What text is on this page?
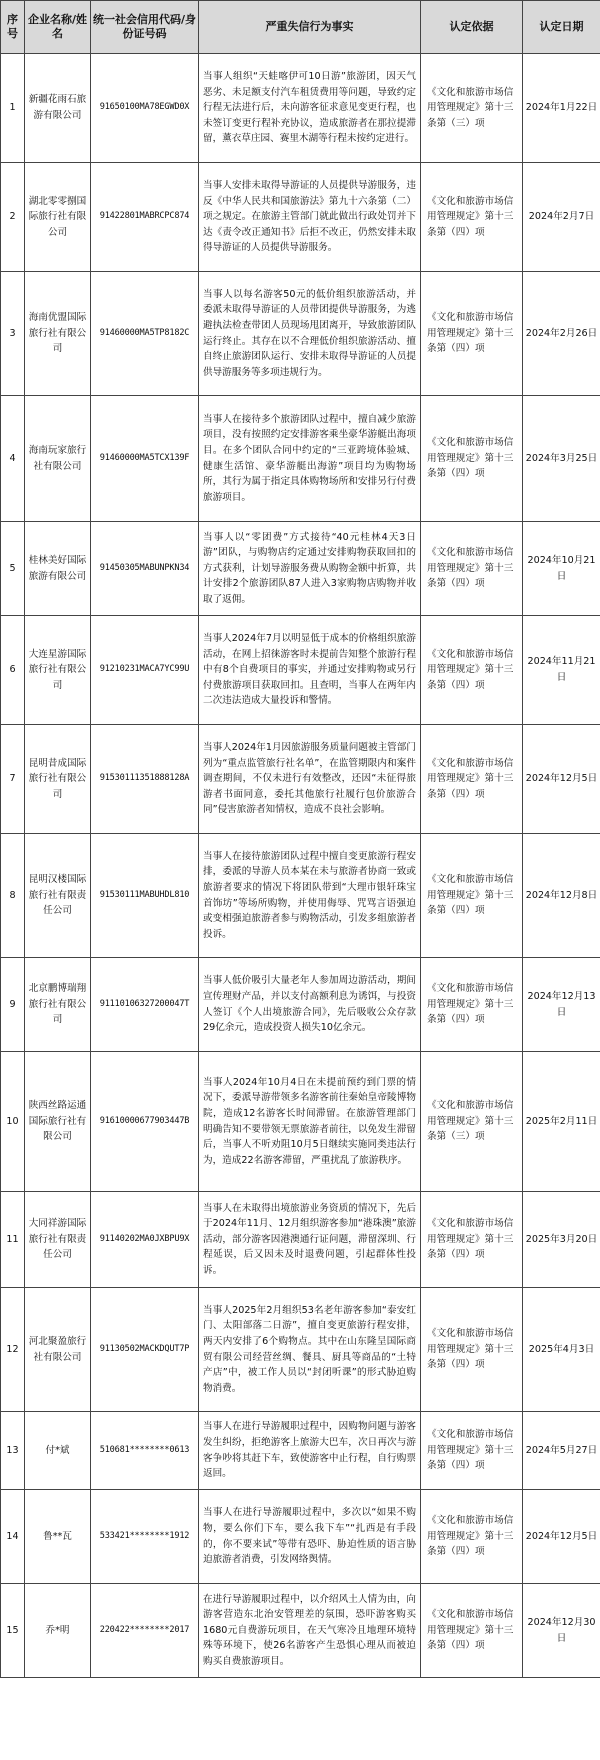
序号	企业名称/姓名	统一社会信用代码/身份证号码	严重失信行为事实	认定依据	认定日期
1	新疆花雨石旅游有限公司	91650100MA78EGWD0X	当事人组织“天蛙喀伊可10日游”旅游团，因天气恶劣、未足额支付汽车租赁费用等问题，导致约定行程无法进行后，未向游客征求意见变更行程，也未签订变更行程补充协议，造成旅游者在那拉提滞留，薰衣草庄园、赛里木湖等行程未按约定进行。	《文化和旅游市场信用管理规定》第十三条第（三）项	2024年1月22日
2	湖北零零捌国际旅行社有限公司	91422801MABRCPC874	当事人安排未取得导游证的人员提供导游服务，违反《中华人民共和国旅游法》第九十六条第（二）项之规定。在旅游主管部门就此做出行政处罚并下达《责令改正通知书》后拒不改正，仍然安排未取得导游证的人员提供导游服务。	《文化和旅游市场信用管理规定》第十三条第（四）项	2024年2月7日
3	海南优盟国际旅行社有限公司	91460000MA5TP8182C	当事人以每名游客50元的低价组织旅游活动，并委派未取得导游证的人员带团提供导游服务，为逃避执法检查带团人员现场甩团离开，导致旅游团队运行终止。其存在以不合理低价组织旅游活动、擅自终止旅游团队运行、安排未取得导游证的人员提供导游服务等多项违规行为。	《文化和旅游市场信用管理规定》第十三条第（四）项	2024年2月26日
4	海南玩家旅行社有限公司	91460000MA5TCX139F	当事人在接待多个旅游团队过程中，擅自减少旅游项目，没有按照约定安排游客乘坐豪华游艇出海项目。在多个团队合同中约定的“三亚跨境体验城、健康生活馆、豪华游艇出海游”项目均为购物场所，其行为属于指定具体购物场所和安排另行付费旅游项目。	《文化和旅游市场信用管理规定》第十三条第（四）项	2024年3月25日
5	桂林美好国际旅游有限公司	91450305MABUNPKN34	当事人以“零团费”方式接待“40元桂林4天3日游”团队，与购物店约定通过安排购物获取回扣的方式获利，计划导游服务费从购物金额中折算，共计安排2个旅游团队87人进入3家购物店购物并收取了返佣。	《文化和旅游市场信用管理规定》第十三条第（四）项	2024年10月21日
6	大连星游国际旅行社有限公司	91210231MACA7YC99U	当事人2024年7月以明显低于成本的价格组织旅游活动，在网上招徕游客时未提前告知整个旅游行程中有8个自费项目的事实，并通过安排购物或另行付费旅游项目获取回扣。且查明，当事人在两年内二次违法造成大量投诉和警情。	《文化和旅游市场信用管理规定》第十三条第（四）项	2024年11月21日
7	昆明昔成国际旅行社有限公司	91530111351888128A	当事人2024年1月因旅游服务质量问题被主管部门列为“重点监管旅行社名单”，在监管期限内和案件调查期间，不仅未进行有效整改，还因“未征得旅游者书面同意，委托其他旅行社履行包价旅游合同”侵害旅游者知情权，造成不良社会影响。	《文化和旅游市场信用管理规定》第十三条第（四）项	2024年12月5日
8	昆明汉楼国际旅行社有限责任公司	91530111MABUHDL810	当事人在接待旅游团队过程中擅自变更旅游行程安排，委派的导游人员本某在未与旅游者协商一致或旅游者要求的情况下将团队带到“大理市银轩珠宝首饰坊”等场所购物，并使用侮辱、咒骂言语强迫或变相强迫旅游者参与购物活动，引发多组旅游者投诉。	《文化和旅游市场信用管理规定》第十三条第（四）项	2024年12月8日
9	北京鹏博瑞翔旅行社有限公司	91110106327200047T	当事人低价吸引大量老年人参加周边游活动，期间宣传理财产品，并以支付高额利息为诱饵，与投资人签订《个人出境旅游合同》，先后吸收公众存款29亿余元，造成投资人损失10亿余元。	《文化和旅游市场信用管理规定》第十三条第（四）项	2024年12月13日
10	陕西丝路运通国际旅行社有限公司	91610000677903447B	当事人2024年10月4日在未提前预约到门票的情况下，委派导游带领多名游客前往秦始皇帝陵博物院，造成12名游客长时间滞留。在旅游管理部门明确告知不要带领无票旅游者前往，以免发生滞留后，当事人不听劝阻10月5日继续实施同类违法行为，造成22名游客滞留，严重扰乱了旅游秩序。	《文化和旅游市场信用管理规定》第十三条第（三）项	2025年2月11日
11	大同祥游国际旅行社有限责任公司	91140202MA0JXBPU9X	当事人在未取得出境旅游业务资质的情况下，先后于2024年11月、12月组织游客参加“港珠澳”旅游活动，部分游客因港澳通行证问题，滞留深圳、行程延误，后又因未及时退费问题，引起群体性投诉。	《文化和旅游市场信用管理规定》第十三条第（四）项	2025年3月20日
12	河北聚盈旅行社有限公司	91130502MACKDQUT7P	当事人2025年2月组织53名老年游客参加“泰安红门、太阳部落二日游”，擅自变更旅游行程安排，两天内安排了6个购物点。其中在山东隆呈国际商贸有限公司经营丝绸、餐具、厨具等商品的“土特产店”中，被工作人员以“封闭听课”的形式胁迫购物消费。	《文化和旅游市场信用管理规定》第十三条第（四）项	2025年4月3日
13	付*斌	510681********0613	当事人在进行导游履职过程中，因购物问题与游客发生纠纷，拒绝游客上旅游大巴车，次日再次与游客争吵将其赶下车，致使游客中止行程，自行购票返回。	《文化和旅游市场信用管理规定》第十三条第（四）项	2024年5月27日
14	鲁**瓦	533421********1912	当事人在进行导游履职过程中，多次以“如果不购物，要么你们下车，要么我下车”“扎西是有手段的，你不要来试”等带有恐吓、胁迫性质的语言胁迫旅游者消费，引发网络舆情。	《文化和旅游市场信用管理规定》第十三条第（四）项	2024年12月5日
15	乔*明	220422********2017	在进行导游履职过程中，以介绍风土人情为由，向游客营造东北治安管理差的氛围，恐吓游客购买1680元自费游玩项目，在天气寒冷且地理环境特殊等环境下，使26名游客产生恐惧心理从而被迫购买自费旅游项目。	《文化和旅游市场信用管理规定》第十三条第（四）项	2024年12月30日
